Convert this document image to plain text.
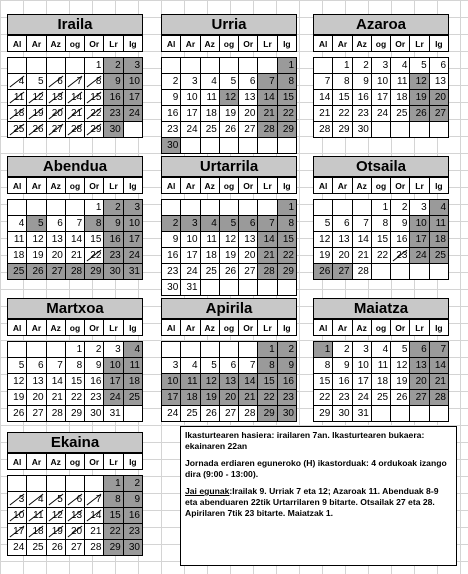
Iraila
Al	Ar	Az	og	Or	Lr	Ig

				1	2	3
4	5	6	7	8	9	10
11	12	13	14	15	16	17
18	19	20	21	22	23	24
25	26	27	28	29	30	
Urria
Al	Ar	Az	og	Or	Lr	Ig

						1
2	3	4	5	6	7	8
9	10	11	12	13	14	15
16	17	18	19	20	21	22
23	24	25	26	27	28	29
30						
Azaroa
Al	Ar	Az	og	Or	Lr	Ig

	1	2	3	4	5	6
7	8	9	10	11	12	13
14	15	16	17	18	19	20
21	22	23	24	25	26	27
28	29	30				
Abendua
Al	Ar	Az	og	Or	Lr	Ig

				1	2	3
4	5	6	7	8	9	10
11	12	13	14	15	16	17
18	19	20	21	22	23	24
25	26	27	28	29	30	31
Urtarrila
Al	Ar	Az	og	Or	Lr	Ig

						1
2	3	4	5	6	7	8
9	10	11	12	13	14	15
16	17	18	19	20	21	22
23	24	25	26	27	28	29
30	31					
Otsaila
Al	Ar	Az	og	Or	Lr	Ig

			1	2	3	4
5	6	7	8	9	10	11
12	13	14	15	16	17	18
19	20	21	22	23	24	25
26	27	28				
Martxoa
Al	Ar	Az	og	Or	Lr	Ig

			1	2	3	4
5	6	7	8	9	10	11
12	13	14	15	16	17	18
19	20	21	22	23	24	25
26	27	28	29	30	31	
Apirila
Al	Ar	Az	og	Or	Lr	Ig

					1	2
3	4	5	6	7	8	9
10	11	12	13	14	15	16
17	18	19	20	21	22	23
24	25	26	27	28	29	30
Maiatza
Al	Ar	Az	og	Or	Lr	Ig

1	2	3	4	5	6	7
8	9	10	11	12	13	14
15	16	17	18	19	20	21
22	23	24	25	26	27	28
29	30	31				
Ekaina
Al	Ar	Az	og	Or	Lr	Ig

					1	2
3	4	5	6	7	8	9
10	11	12	13	14	15	16
17	18	19	20	21	22	23
24	25	26	27	28	29	30

Ikasturtearen hasiera: irailaren 7an. Ikasturtearen bukaera: ekainaren 22an

Jornada erdiaren eguneroko (H) ikastorduak: 4 ordukoak izango dira (9:00 - 13:00).

Jai egunak:Irailak 9. Urriak 7 eta 12; Azaroak 11. Abenduak 8-9 eta abenduaren 22tik Urtarrilaren 9 bitarte. Otsailak 27 eta 28. Apirilaren 7tik 23 bitarte. Maiatzak 1.
